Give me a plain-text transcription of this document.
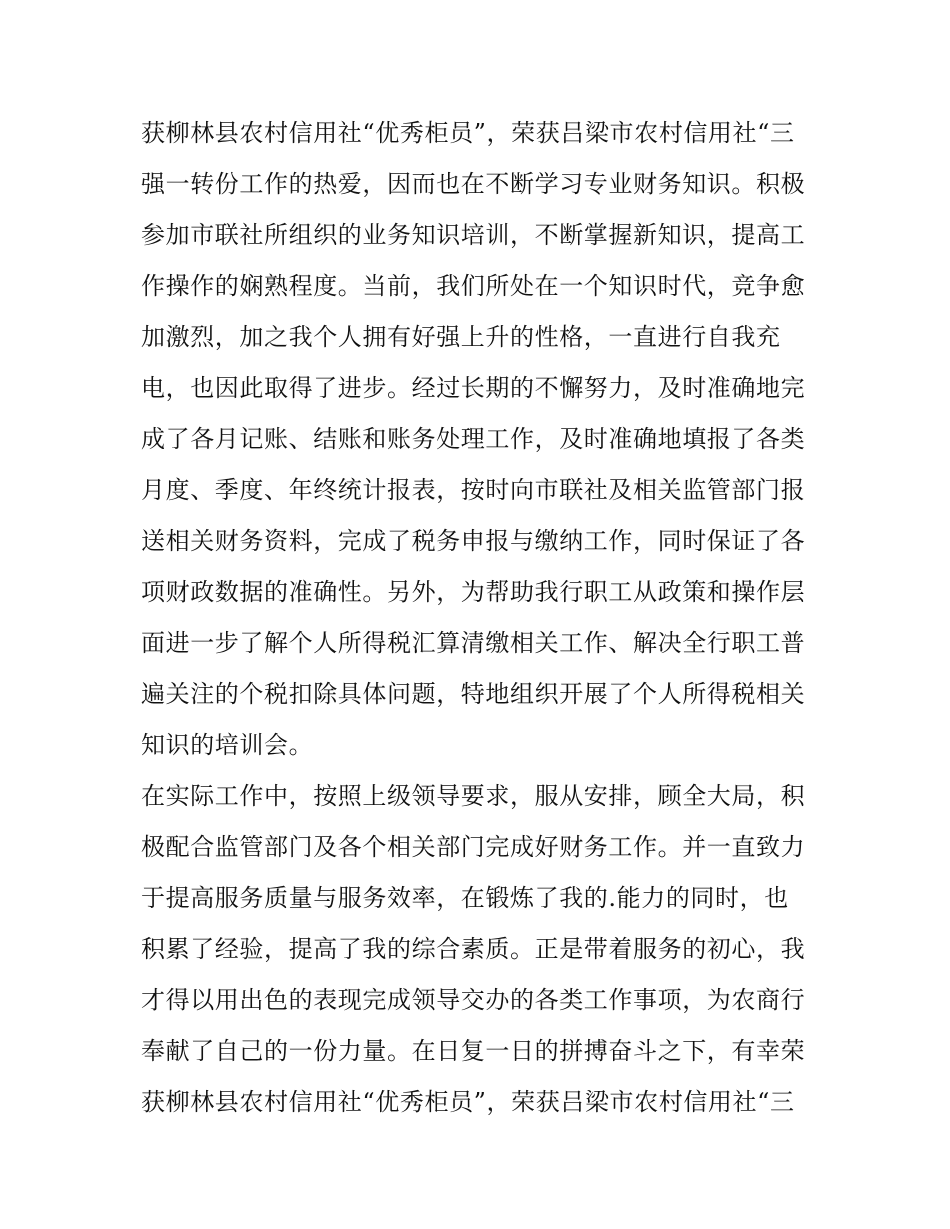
获柳林县农村信用社“优秀柜员”，荣获吕梁市农村信用社“三
强一转份工作的热爱，因而也在不断学习专业财务知识。积极
参加市联社所组织的业务知识培训，不断掌握新知识，提高工
作操作的娴熟程度。当前，我们所处在一个知识时代，竞争愈
加激烈，加之我个人拥有好强上升的性格，一直进行自我充
电，也因此取得了进步。经过长期的不懈努力，及时准确地完
成了各月记账、结账和账务处理工作，及时准确地填报了各类
月度、季度、年终统计报表，按时向市联社及相关监管部门报
送相关财务资料，完成了税务申报与缴纳工作，同时保证了各
项财政数据的准确性。另外，为帮助我行职工从政策和操作层
面进一步了解个人所得税汇算清缴相关工作、解决全行职工普
遍关注的个税扣除具体问题，特地组织开展了个人所得税相关
知识的培训会。
在实际工作中，按照上级领导要求，服从安排，顾全大局，积
极配合监管部门及各个相关部门完成好财务工作。并一直致力
于提高服务质量与服务效率，在锻炼了我的.能力的同时，也
积累了经验，提高了我的综合素质。正是带着服务的初心，我
才得以用出色的表现完成领导交办的各类工作事项，为农商行
奉献了自己的一份力量。在日复一日的拼搏奋斗之下，有幸荣
获柳林县农村信用社“优秀柜员”，荣获吕梁市农村信用社“三
